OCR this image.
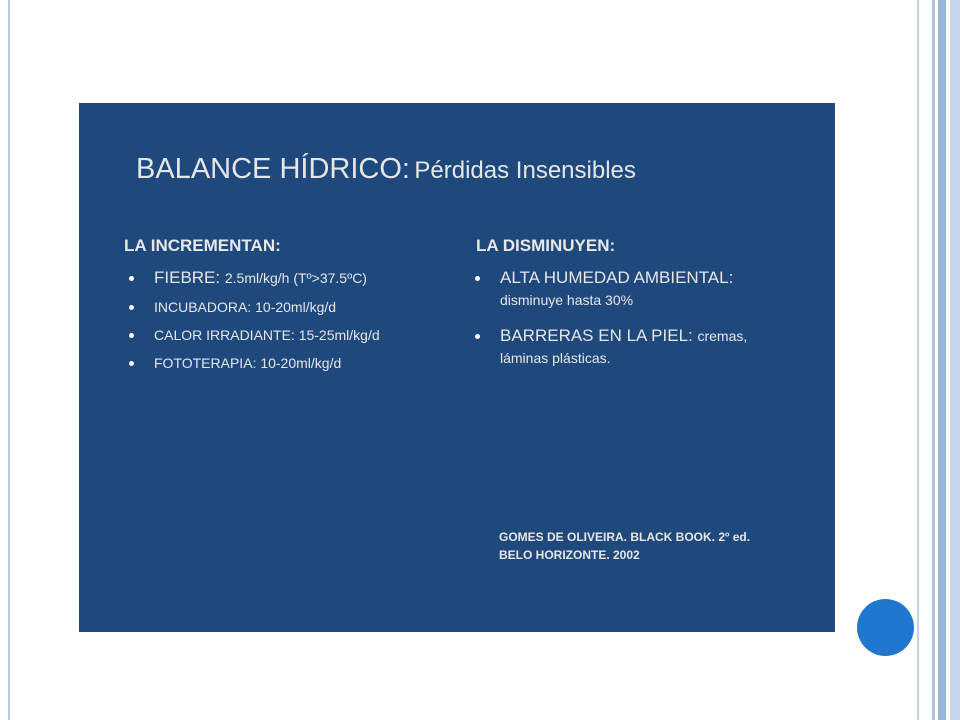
BALANCE HÍDRICO: Pérdidas Insensibles
LA INCREMENTAN:
FIEBRE: 2.5ml/kg/h (Tº>37.5ºC)
INCUBADORA: 10-20ml/kg/d
CALOR IRRADIANTE: 15-25ml/kg/d
FOTOTERAPIA: 10-20ml/kg/d
LA DISMINUYEN:
ALTA HUMEDAD AMBIENTAL:
disminuye hasta 30%
BARRERAS EN LA PIEL: cremas,
láminas plásticas.
GOMES DE OLIVEIRA. BLACK BOOK. 2º ed.
BELO HORIZONTE. 2002
